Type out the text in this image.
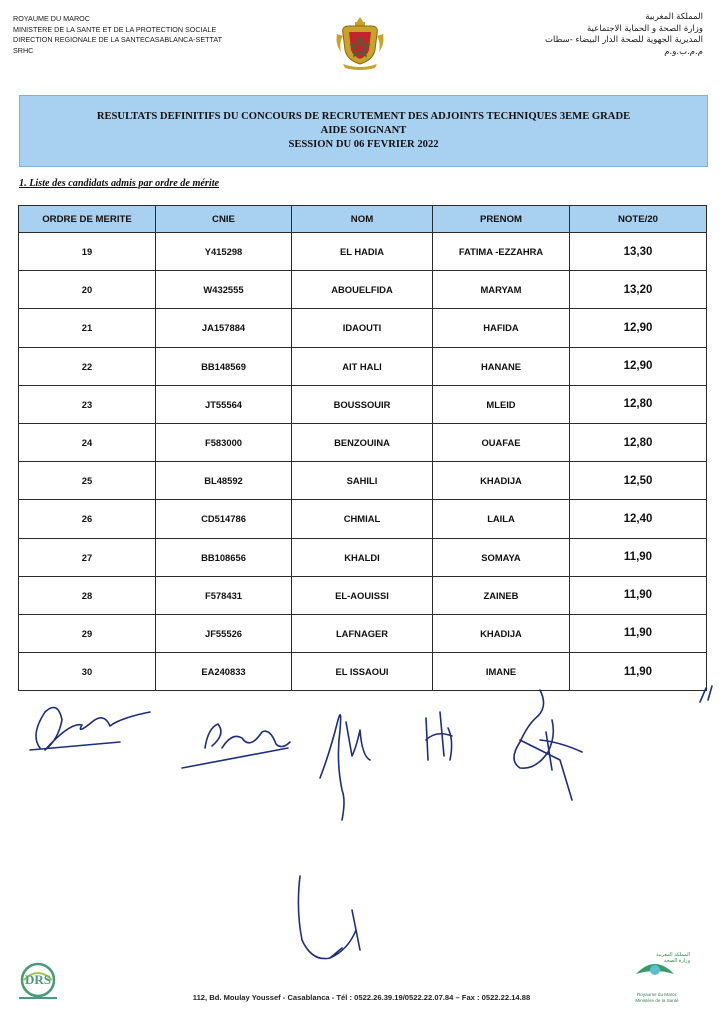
ROYAUME DU MAROC
MINISTERE DE LA SANTE ET DE LA PROTECTION SOCIALE
DIRECTION REGIONALE DE LA SANTECASABLANCA-SETTAT
SRHC
المملكة المغربية
وزارة الصحة و الحماية الاجتماعية
المديرية الجهوية للصحة الدار البيضاء -سطات
م.م.ب.و.م
RESULTATS DEFINITIFS DU CONCOURS DE RECRUTEMENT DES ADJOINTS TECHNIQUES 3EME GRADE
AIDE SOIGNANT
SESSION DU 06 FEVRIER 2022
1. Liste des candidats admis par ordre de mérite
ORDRE DE MERITE	CNIE	NOM	PRENOM	NOTE/20
19	Y415298	EL HADIA	FATIMA -EZZAHRA	13,30
20	W432555	ABOUELFIDA	MARYAM	13,20
21	JA157884	IDAOUTI	HAFIDA	12,90
22	BB148569	AIT HALI	HANANE	12,90
23	JT55564	BOUSSOUIR	MLEID	12,80
24	F583000	BENZOUINA	OUAFAE	12,80
25	BL48592	SAHILI	KHADIJA	12,50
26	CD514786	CHMIAL	LAILA	12,40
27	BB108656	KHALDI	SOMAYA	11,90
28	F578431	EL-AOUISSI	ZAINEB	11,90
29	JF55526	LAFNAGER	KHADIJA	11,90
30	EA240833	EL ISSAOUI	IMANE	11,90
DRS
المملكة المغربية
وزارة الصحة
Royaume du Maroc
Ministère de la Santé
112, Bd. Moulay Youssef - Casablanca - Tél : 0522.26.39.19/0522.22.07.84 – Fax : 0522.22.14.88
